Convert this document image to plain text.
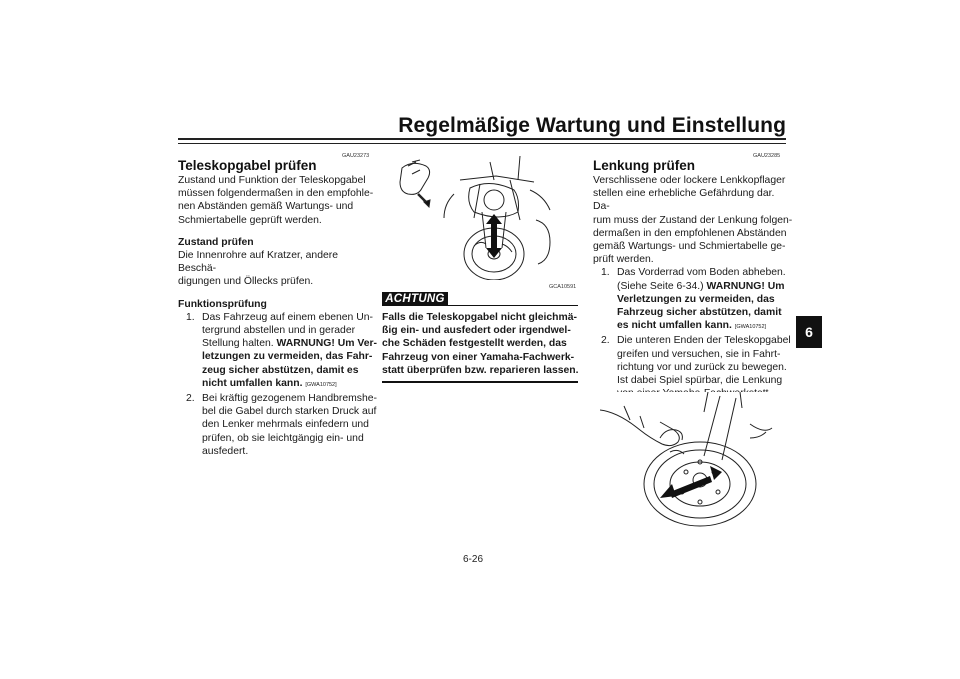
Regelmäßige Wartung und Einstellung
6
GAU23273
Teleskopgabel prüfen
Zustand und Funktion der Teleskopgabel
müssen folgendermaßen in den empfohle-
nen Abständen gemäß Wartungs- und
Schmiertabelle geprüft werden.
Zustand prüfen
Die Innenrohre auf Kratzer, andere Beschä-
digungen und Öllecks prüfen.
Funktionsprüfung
1. Das Fahrzeug auf einem ebenen Un-
tergrund abstellen und in gerader
Stellung halten. WARNUNG! Um Ver-
letzungen zu vermeiden, das Fahr-
zeug sicher abstützen, damit es
nicht umfallen kann. [GWA10752]
2. Bei kräftig gezogenem Handbremshe-
bel die Gabel durch starken Druck auf
den Lenker mehrmals einfedern und
prüfen, ob sie leichtgängig ein- und
ausfedert.
GCA10591
ACHTUNG
Falls die Teleskopgabel nicht gleichmä-
ßig ein- und ausfedert oder irgendwel-
che Schäden festgestellt werden, das
Fahrzeug von einer Yamaha-Fachwerk-
statt überprüfen bzw. reparieren lassen.
GAU23285
Lenkung prüfen
Verschlissene oder lockere Lenkkopflager
stellen eine erhebliche Gefährdung dar. Da-
rum muss der Zustand der Lenkung folgen-
dermaßen in den empfohlenen Abständen
gemäß Wartungs- und Schmiertabelle ge-
prüft werden.
1. Das Vorderrad vom Boden abheben.
(Siehe Seite 6-34.) WARNUNG! Um
Verletzungen zu vermeiden, das
Fahrzeug sicher abstützen, damit
es nicht umfallen kann. [GWA10752]
2. Die unteren Enden der Teleskopgabel
greifen und versuchen, sie in Fahrt-
richtung vor und zurück zu bewegen.
Ist dabei Spiel spürbar, die Lenkung
von einer Yamaha-Fachwerkstatt
überprüfen und reparieren lassen.
6-26
